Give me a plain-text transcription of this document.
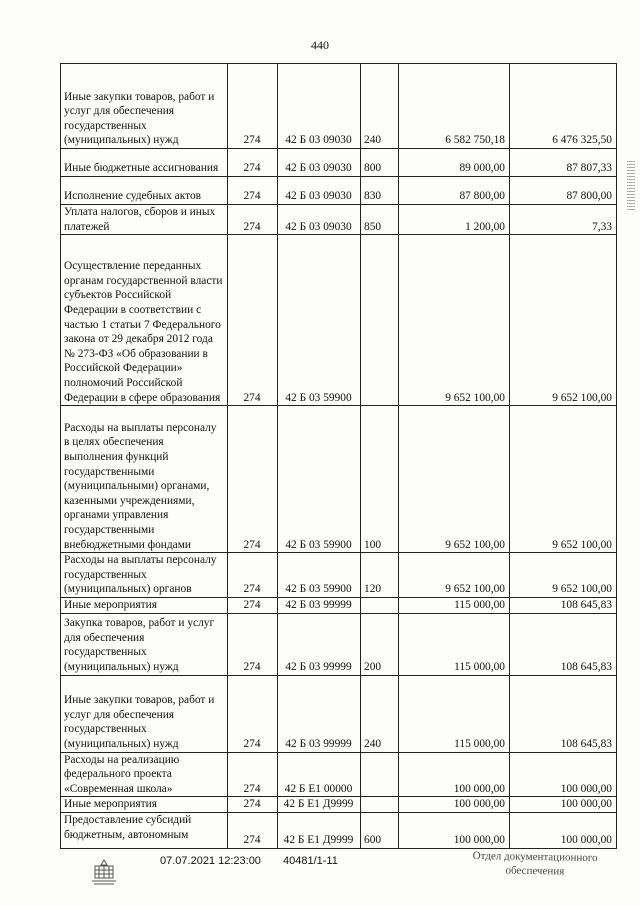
440
Иные закупки товаров, работ и услуг для обеспечения государственных (муниципальных) нужд	274	42 Б 03 09030	240	6 582 750,18	6 476 325,50
Иные бюджетные ассигнования	274	42 Б 03 09030	800	89 000,00	87 807,33
Исполнение судебных актов	274	42 Б 03 09030	830	87 800,00	87 800,00
Уплата налогов, сборов и иных платежей	274	42 Б 03 09030	850	1 200,00	7,33
Осуществление переданных органам государственной власти субъектов Российской Федерации в соответствии с частью 1 статьи 7 Федерального закона от 29 декабря 2012 года № 273-ФЗ «Об образовании в Российской Федерации» полномочий Российской Федерации в сфере образования	274	42 Б 03 59900		9 652 100,00	9 652 100,00
Расходы на выплаты персоналу в целях обеспечения выполнения функций государственными (муниципальными) органами, казенными учреждениями, органами управления государственными внебюджетными фондами	274	42 Б 03 59900	100	9 652 100,00	9 652 100,00
Расходы на выплаты персоналу государственных (муниципальных) органов	274	42 Б 03 59900	120	9 652 100,00	9 652 100,00
Иные мероприятия	274	42 Б 03 99999		115 000,00	108 645,83
Закупка товаров, работ и услуг для обеспечения государственных (муниципальных) нужд	274	42 Б 03 99999	200	115 000,00	108 645,83
Иные закупки товаров, работ и услуг для обеспечения государственных (муниципальных) нужд	274	42 Б 03 99999	240	115 000,00	108 645,83
Расходы на реализацию федерального проекта «Современная школа»	274	42 Б Е1 00000		100 000,00	100 000,00
Иные мероприятия	274	42 Б Е1 Д9999		100 000,00	100 000,00
Предоставление субсидий бюджетным, автономным	274	42 Б Е1 Д9999	600	100 000,00	100 000,00
07.07.2021 12:23:00 40481/1-11	Отдел документационного
обеспечения
